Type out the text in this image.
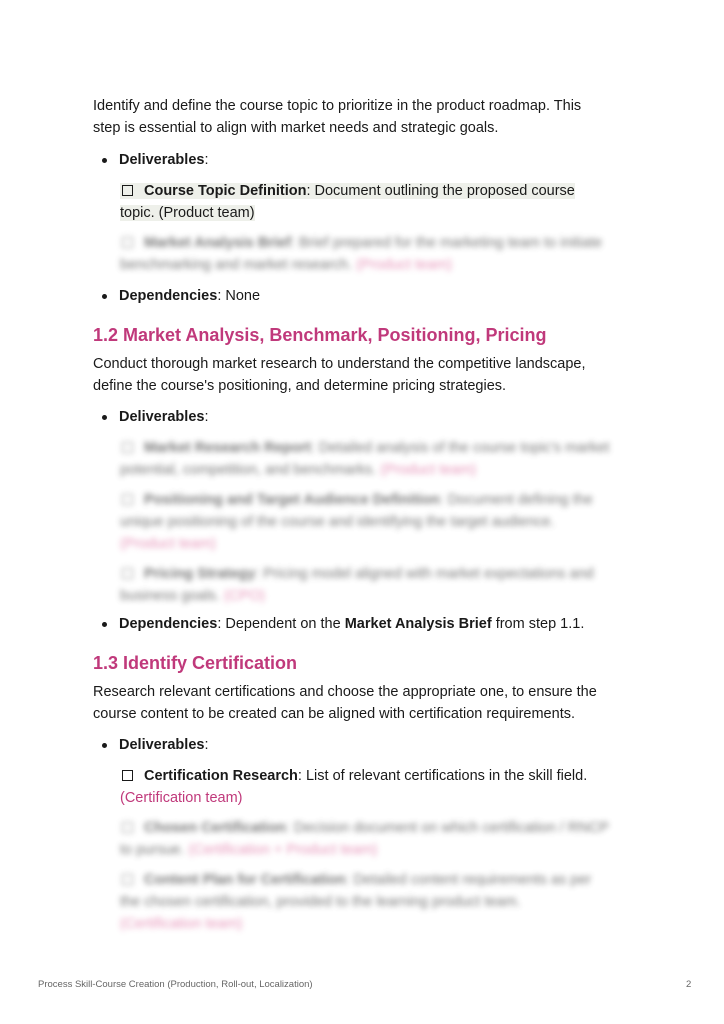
Identify and define the course topic to prioritize in the product roadmap. This
step is essential to align with market needs and strategic goals.

Deliverables:
Course Topic Definition: Document outlining the proposed course
topic. (Product team)
Market Analysis Brief: Brief prepared for the marketing team to initiate
benchmarking and market research. (Product team)
Dependencies: None
1.2 Market Analysis, Benchmark, Positioning, Pricing

Conduct thorough market research to understand the competitive landscape,
define the course's positioning, and determine pricing strategies.

Deliverables:
Market Research Report: Detailed analysis of the course topic's market
potential, competition, and benchmarks. (Product team)
Positioning and Target Audience Definition: Document defining the
unique positioning of the course and identifying the target audience.
(Product team)
Pricing Strategy: Pricing model aligned with market expectations and
business goals. (CPO)
Dependencies: Dependent on the Market Analysis Brief from step 1.1.
1.3 Identify Certification

Research relevant certifications and choose the appropriate one, to ensure the
course content to be created can be aligned with certification requirements.

Deliverables:
Certification Research: List of relevant certifications in the skill field.
(Certification team)
Chosen Certification: Decision document on which certification / RNCP
to pursue. (Certification + Product team)
Content Plan for Certification: Detailed content requirements as per
the chosen certification, provided to the learning product team.
(Certification team)
Process Skill-Course Creation (Production, Roll-out, Localization)	2
